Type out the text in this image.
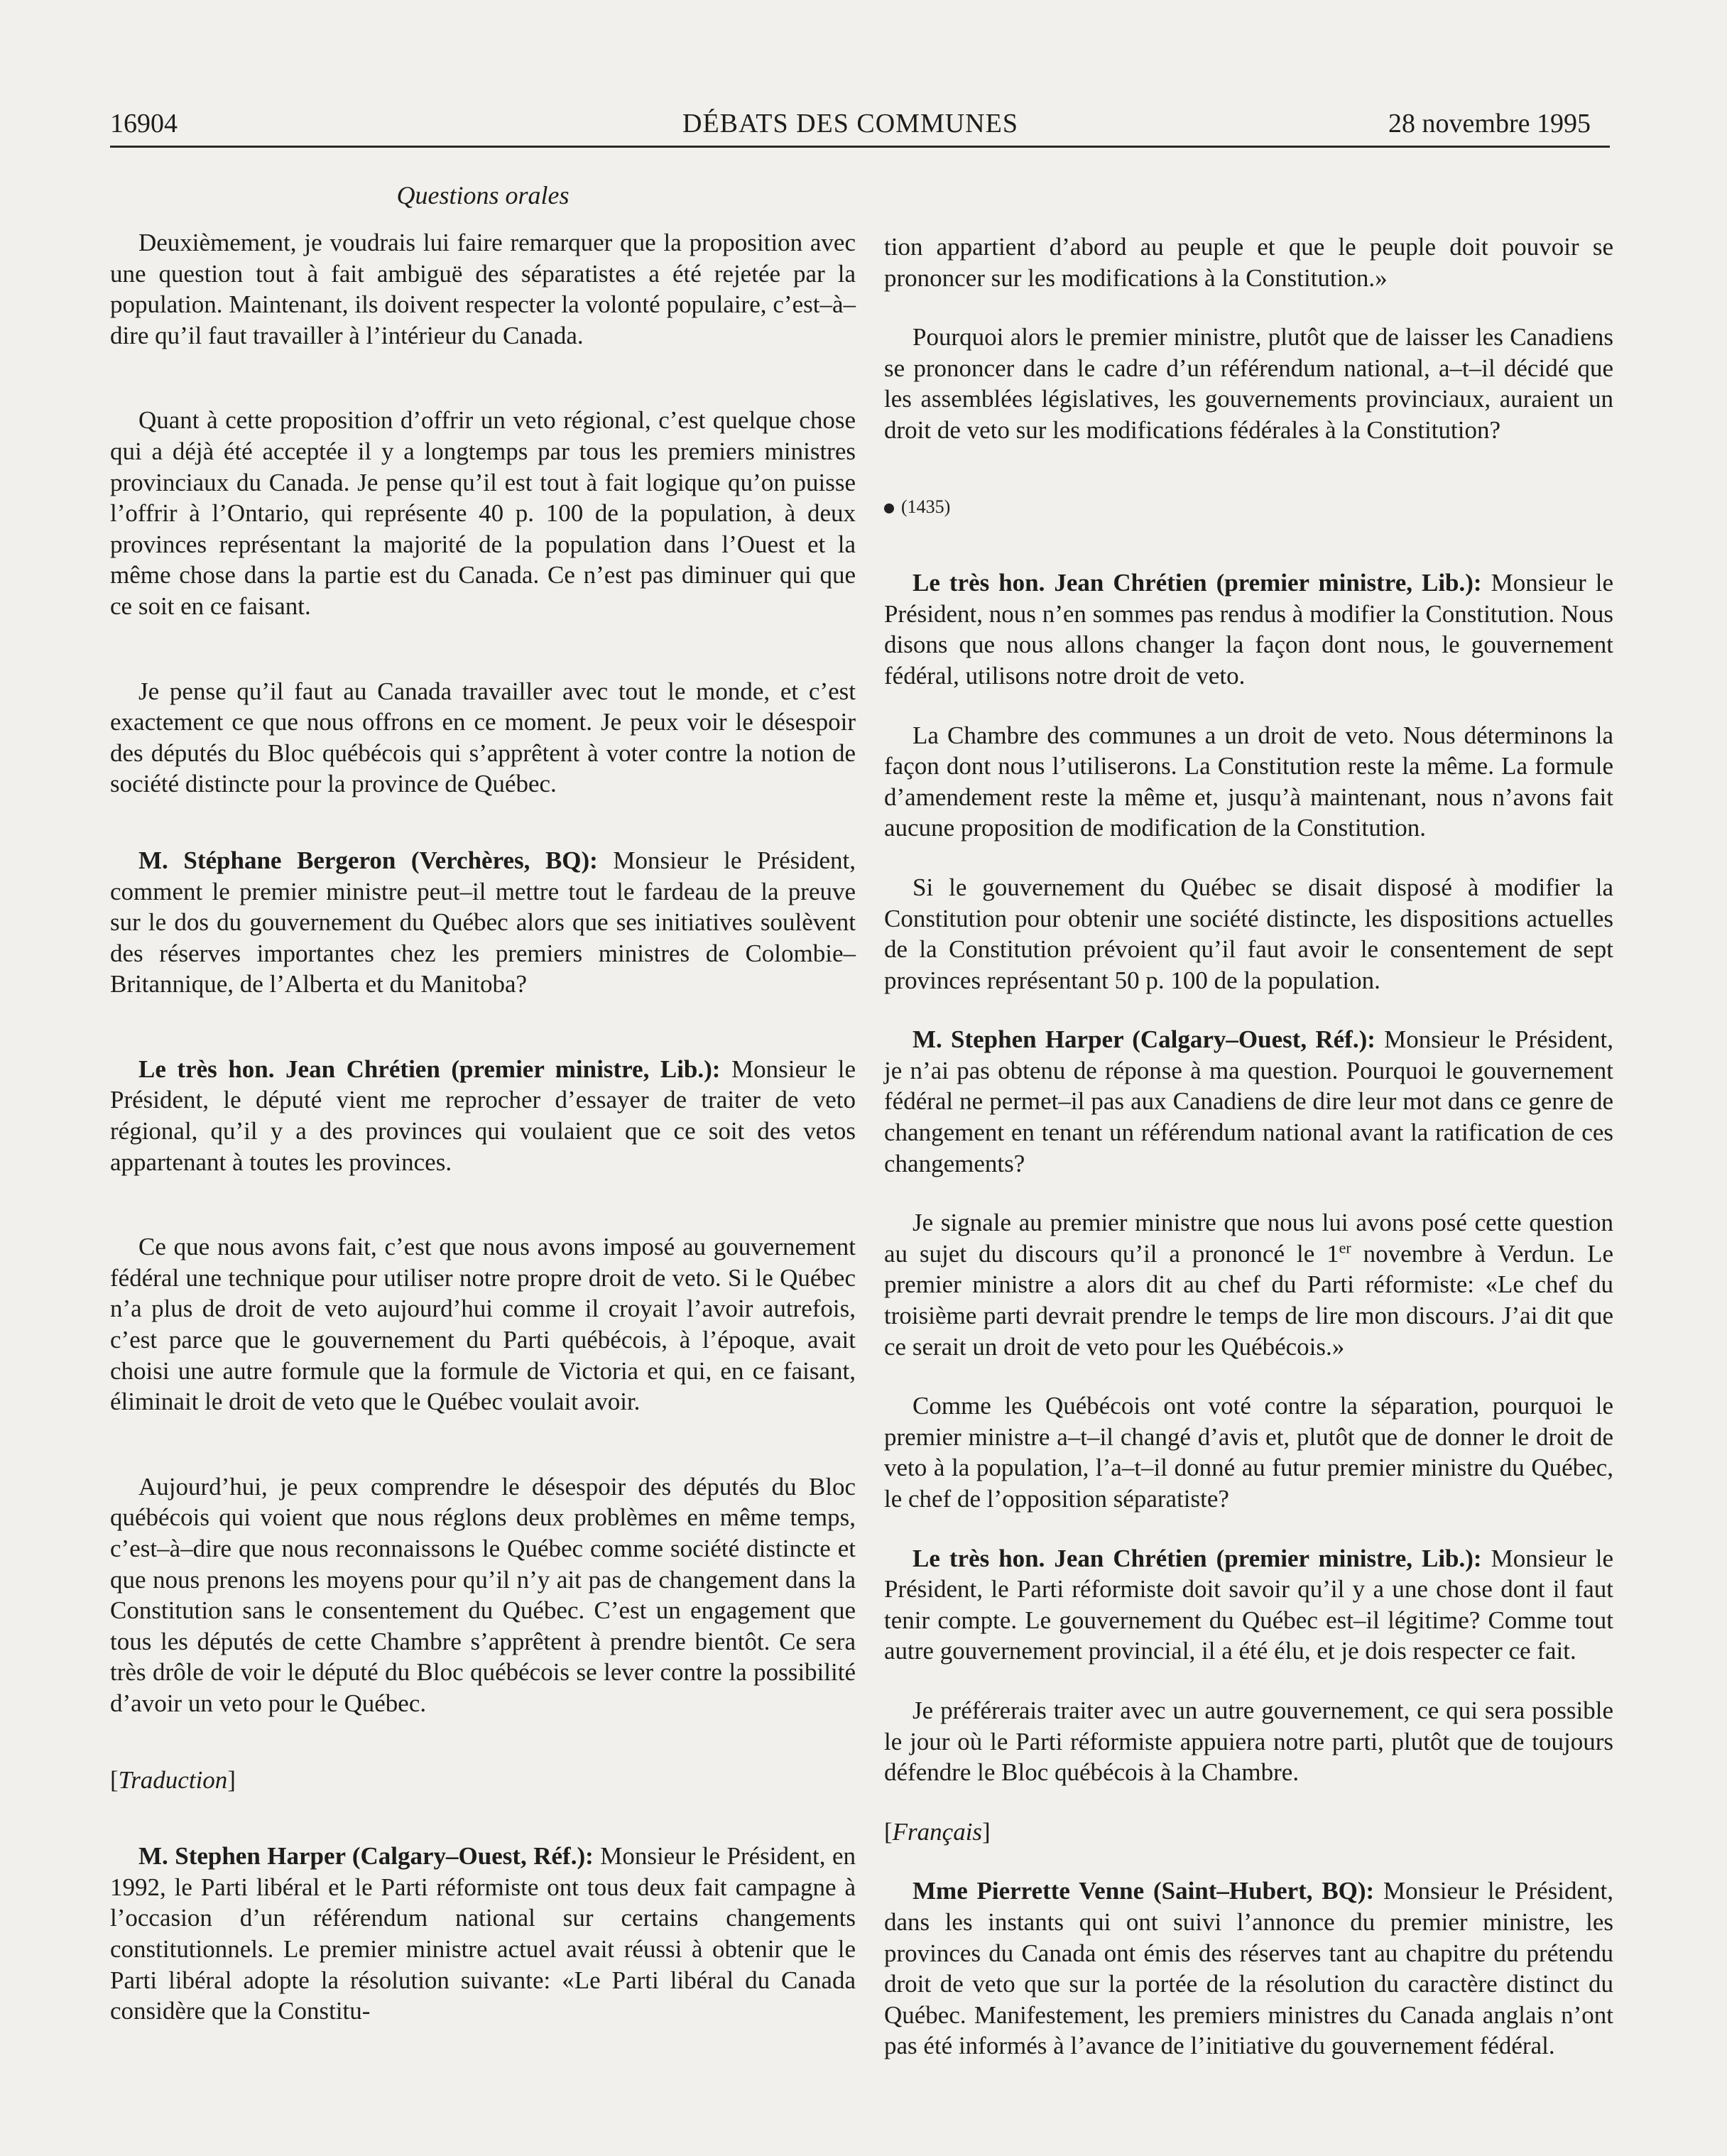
16904	DÉBATS DES COMMUNES	28 novembre 1995
Questions orales

Deuxièmement, je voudrais lui faire remarquer que la proposition avec une question tout à fait ambiguë des séparatistes a été rejetée par la population. Maintenant, ils doivent respecter la volonté populaire, c’est–à–dire qu’il faut travailler à l’intérieur du Canada.

Quant à cette proposition d’offrir un veto régional, c’est quelque chose qui a déjà été acceptée il y a longtemps par tous les premiers ministres provinciaux du Canada. Je pense qu’il est tout à fait logique qu’on puisse l’offrir à l’Ontario, qui représente 40 p. 100 de la population, à deux provinces représentant la majorité de la population dans l’Ouest et la même chose dans la partie est du Canada. Ce n’est pas diminuer qui que ce soit en ce faisant.

Je pense qu’il faut au Canada travailler avec tout le monde, et c’est exactement ce que nous offrons en ce moment. Je peux voir le désespoir des députés du Bloc québécois qui s’apprêtent à voter contre la notion de société distincte pour la province de Québec.

M. Stéphane Bergeron (Verchères, BQ): Monsieur le Président, comment le premier ministre peut–il mettre tout le fardeau de la preuve sur le dos du gouvernement du Québec alors que ses initiatives soulèvent des réserves importantes chez les premiers ministres de Colombie–Britannique, de l’Alberta et du Manitoba?

Le très hon. Jean Chrétien (premier ministre, Lib.): Monsieur le Président, le député vient me reprocher d’essayer de traiter de veto régional, qu’il y a des provinces qui voulaient que ce soit des vetos appartenant à toutes les provinces.

Ce que nous avons fait, c’est que nous avons imposé au gouvernement fédéral une technique pour utiliser notre propre droit de veto. Si le Québec n’a plus de droit de veto aujourd’hui comme il croyait l’avoir autrefois, c’est parce que le gouvernement du Parti québécois, à l’époque, avait choisi une autre formule que la formule de Victoria et qui, en ce faisant, éliminait le droit de veto que le Québec voulait avoir.

Aujourd’hui, je peux comprendre le désespoir des députés du Bloc québécois qui voient que nous réglons deux problèmes en même temps, c’est–à–dire que nous reconnaissons le Québec comme société distincte et que nous prenons les moyens pour qu’il n’y ait pas de changement dans la Constitution sans le consentement du Québec. C’est un engagement que tous les députés de cette Chambre s’apprêtent à prendre bientôt. Ce sera très drôle de voir le député du Bloc québécois se lever contre la possibilité d’avoir un veto pour le Québec.

[Traduction]

M. Stephen Harper (Calgary–Ouest, Réf.): Monsieur le Président, en 1992, le Parti libéral et le Parti réformiste ont tous deux fait campagne à l’occasion d’un référendum national sur certains changements constitutionnels. Le premier ministre actuel avait réussi à obtenir que le Parti libéral adopte la résolution suivante: «Le Parti libéral du Canada considère que la Constitu-

tion appartient d’abord au peuple et que le peuple doit pouvoir se prononcer sur les modifications à la Constitution.»

Pourquoi alors le premier ministre, plutôt que de laisser les Canadiens se prononcer dans le cadre d’un référendum national, a–t–il décidé que les assemblées législatives, les gouvernements provinciaux, auraient un droit de veto sur les modifications fédérales à la Constitution?

(1435)

Le très hon. Jean Chrétien (premier ministre, Lib.): Monsieur le Président, nous n’en sommes pas rendus à modifier la Constitution. Nous disons que nous allons changer la façon dont nous, le gouvernement fédéral, utilisons notre droit de veto.

La Chambre des communes a un droit de veto. Nous déterminons la façon dont nous l’utiliserons. La Constitution reste la même. La formule d’amendement reste la même et, jusqu’à maintenant, nous n’avons fait aucune proposition de modification de la Constitution.

Si le gouvernement du Québec se disait disposé à modifier la Constitution pour obtenir une société distincte, les dispositions actuelles de la Constitution prévoient qu’il faut avoir le consentement de sept provinces représentant 50 p. 100 de la population.

M. Stephen Harper (Calgary–Ouest, Réf.): Monsieur le Président, je n’ai pas obtenu de réponse à ma question. Pourquoi le gouvernement fédéral ne permet–il pas aux Canadiens de dire leur mot dans ce genre de changement en tenant un référendum national avant la ratification de ces changements?

Je signale au premier ministre que nous lui avons posé cette question au sujet du discours qu’il a prononcé le 1er novembre à Verdun. Le premier ministre a alors dit au chef du Parti réformiste: «Le chef du troisième parti devrait prendre le temps de lire mon discours. J’ai dit que ce serait un droit de veto pour les Québécois.»

Comme les Québécois ont voté contre la séparation, pourquoi le premier ministre a–t–il changé d’avis et, plutôt que de donner le droit de veto à la population, l’a–t–il donné au futur premier ministre du Québec, le chef de l’opposition séparatiste?

Le très hon. Jean Chrétien (premier ministre, Lib.): Monsieur le Président, le Parti réformiste doit savoir qu’il y a une chose dont il faut tenir compte. Le gouvernement du Québec est–il légitime? Comme tout autre gouvernement provincial, il a été élu, et je dois respecter ce fait.

Je préférerais traiter avec un autre gouvernement, ce qui sera possible le jour où le Parti réformiste appuiera notre parti, plutôt que de toujours défendre le Bloc québécois à la Chambre.

[Français]

Mme Pierrette Venne (Saint–Hubert, BQ): Monsieur le Président, dans les instants qui ont suivi l’annonce du premier ministre, les provinces du Canada ont émis des réserves tant au chapitre du prétendu droit de veto que sur la portée de la résolution du caractère distinct du Québec. Manifestement, les premiers ministres du Canada anglais n’ont pas été informés à l’avance de l’initiative du gouvernement fédéral.
